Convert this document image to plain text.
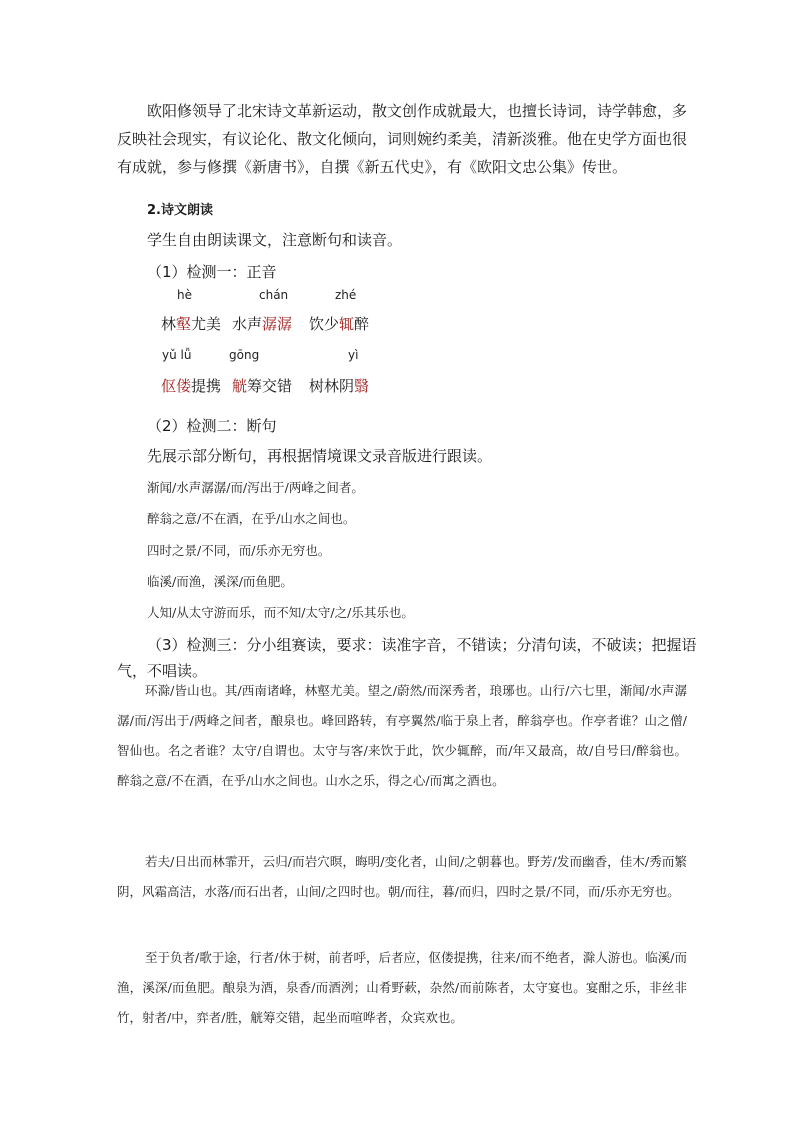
欧阳修领导了北宋诗文革新运动，散文创作成就最大，也擅长诗词，诗学韩愈，多反映社会现实，有议论化、散文化倾向，词则婉约柔美，清新淡雅。他在史学方面也很有成就，参与修撰《新唐书》，自撰《新五代史》，有《欧阳文忠公集》传世。

2.诗文朗读
学生自由朗读课文，注意断句和读音。
（1）检测一：正音
hè	chán	zhé
林壑尤美 水声潺潺 饮少辄醉
yǔ lǚ	gōng	yì
伛偻提携 觥筹交错 树林阴翳
（2）检测二：断句
先展示部分断句，再根据情境课文录音版进行跟读。
渐闻/水声潺潺/而/泻出于/两峰之间者。
醉翁之意/不在酒，在乎/山水之间也。
四时之景/不同，而/乐亦无穷也。
临溪/而渔，溪深/而鱼肥。
人知/从太守游而乐，而不知/太守/之/乐其乐也。

（3）检测三：分小组赛读，要求：读准字音，不错读；分清句读，不破读；把握语气，不唱读。

环滁/皆山也。其/西南诸峰，林壑尤美。望之/蔚然/而深秀者，琅琊也。山行/六七里，渐闻/水声潺潺/而/泻出于/两峰之间者，酿泉也。峰回路转，有亭翼然/临于泉上者，醉翁亭也。作亭者谁？山之僧/智仙也。名之者谁？太守/自谓也。太守与客/来饮于此，饮少辄醉，而/年又最高，故/自号曰/醉翁也。醉翁之意/不在酒，在乎/山水之间也。山水之乐，得之心/而寓之酒也。

若夫/日出而林霏开，云归/而岩穴暝，晦明/变化者，山间/之朝暮也。野芳/发而幽香，佳木/秀而繁阴，风霜高洁，水落/而石出者，山间/之四时也。朝/而往，暮/而归，四时之景/不同，而/乐亦无穷也。

至于负者/歌于途，行者/休于树，前者呼，后者应，伛偻提携，往来/而不绝者，滁人游也。临溪/而渔，溪深/而鱼肥。酿泉为酒，泉香/而酒洌；山肴野蔌，杂然/而前陈者，太守宴也。宴酣之乐，非丝非竹，射者/中，弈者/胜，觥筹交错，起坐而喧哗者，众宾欢也。
